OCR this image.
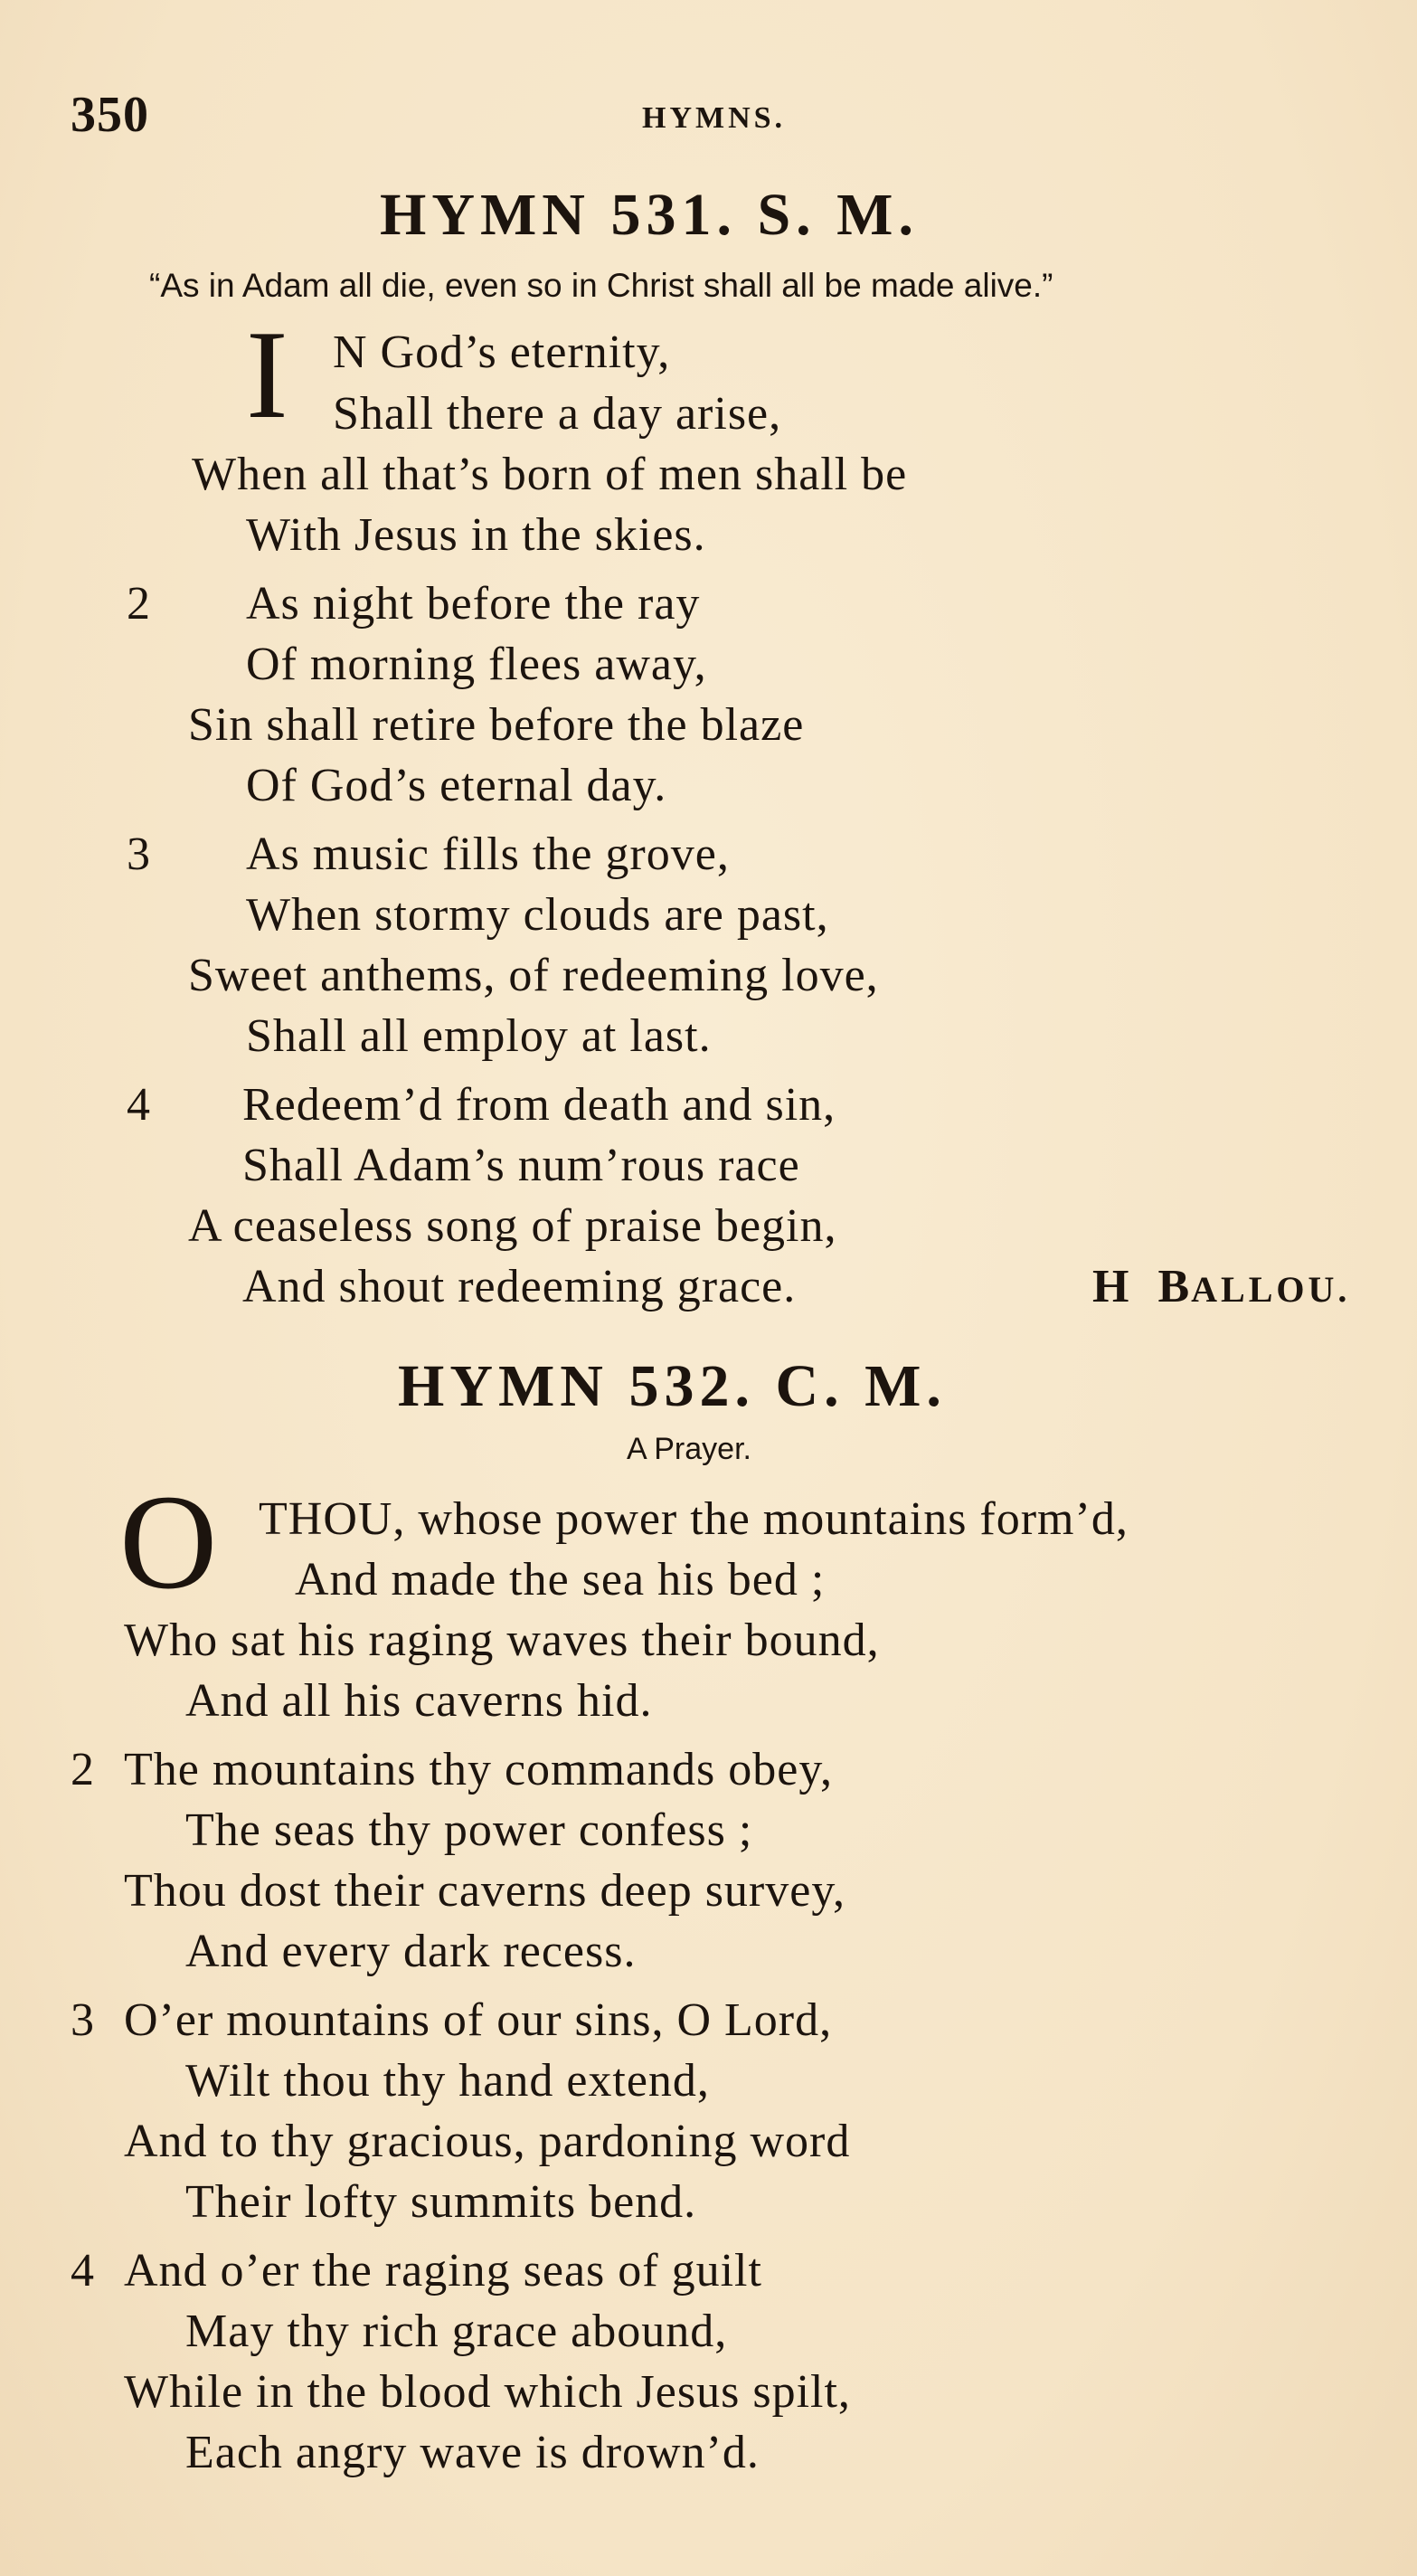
350	HYMNS.
HYMN 531. S. M.
“As in Adam all die, even so in Christ shall all be made alive.”
I N God’s eternity,
Shall there a day arise,
When all that’s born of men shall be
With Jesus in the skies.
2 As night before the ray
Of morning flees away,
Sin shall retire before the blaze
Of God’s eternal day.
3 As music fills the grove,
When stormy clouds are past,
Sweet anthems, of redeeming love,
Shall all employ at last.
4 Redeem’d from death and sin,
Shall Adam’s num’rous race
A ceaseless song of praise begin,
And shout redeeming grace.	H BALLOU.
HYMN 532. C. M.
A Prayer.
O THOU, whose power the mountains form’d,
And made the sea his bed ;
Who sat his raging waves their bound,
And all his caverns hid.
2 The mountains thy commands obey,
The seas thy power confess ;
Thou dost their caverns deep survey,
And every dark recess.
3 O’er mountains of our sins, O Lord,
Wilt thou thy hand extend,
And to thy gracious, pardoning word
Their lofty summits bend.
4 And o’er the raging seas of guilt
May thy rich grace abound,
While in the blood which Jesus spilt,
Each angry wave is drown’d.
